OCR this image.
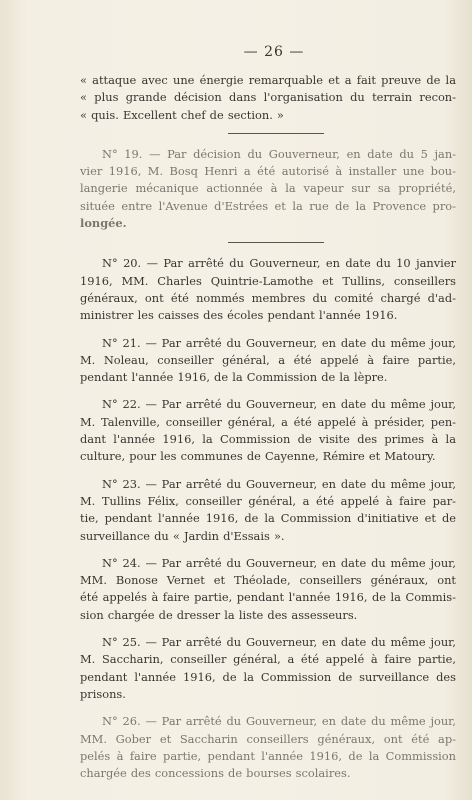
— 26 —
« attaque avec une énergie remarquable et a fait preuve de la
« plus grande décision dans l'organisation du terrain recon-
« quis. Excellent chef de section. »
N° 19. — Par décision du Gouverneur, en date du 5 jan-
vier 1916, M. Bosq Henri a été autorisé à installer une bou-
langerie mécanique actionnée à la vapeur sur sa propriété,
située entre l'Avenue d'Estrées et la rue de la Provence pro-
longée.
N° 20. — Par arrêté du Gouverneur, en date du 10 janvier
1916, MM. Charles Quintrie-Lamothe et Tullins, conseillers
généraux, ont été nommés membres du comité chargé d'ad-
ministrer les caisses des écoles pendant l'année 1916.
N° 21. — Par arrêté du Gouverneur, en date du même jour,
M. Noleau, conseiller général, a été appelé à faire partie,
pendant l'année 1916, de la Commission de la lèpre.
N° 22. — Par arrêté du Gouverneur, en date du même jour,
M. Talenville, conseiller général, a été appelé à présider, pen-
dant l'année 1916, la Commission de visite des primes à la
culture, pour les communes de Cayenne, Rémire et Matoury.
N° 23. — Par arrêté du Gouverneur, en date du même jour,
M. Tullins Félix, conseiller général, a été appelé à faire par-
tie, pendant l'année 1916, de la Commission d'initiative et de
surveillance du « Jardin d'Essais ».
N° 24. — Par arrêté du Gouverneur, en date du même jour,
MM. Bonose Vernet et Théolade, conseillers généraux, ont
été appelés à faire partie, pendant l'année 1916, de la Commis-
sion chargée de dresser la liste des assesseurs.
N° 25. — Par arrêté du Gouverneur, en date du même jour,
M. Saccharin, conseiller général, a été appelé à faire partie,
pendant l'année 1916, de la Commission de surveillance des
prisons.
N° 26. — Par arrêté du Gouverneur, en date du même jour,
MM. Gober et Saccharin conseillers généraux, ont été ap-
pelés à faire partie, pendant l'année 1916, de la Commission
chargée des concessions de bourses scolaires.
